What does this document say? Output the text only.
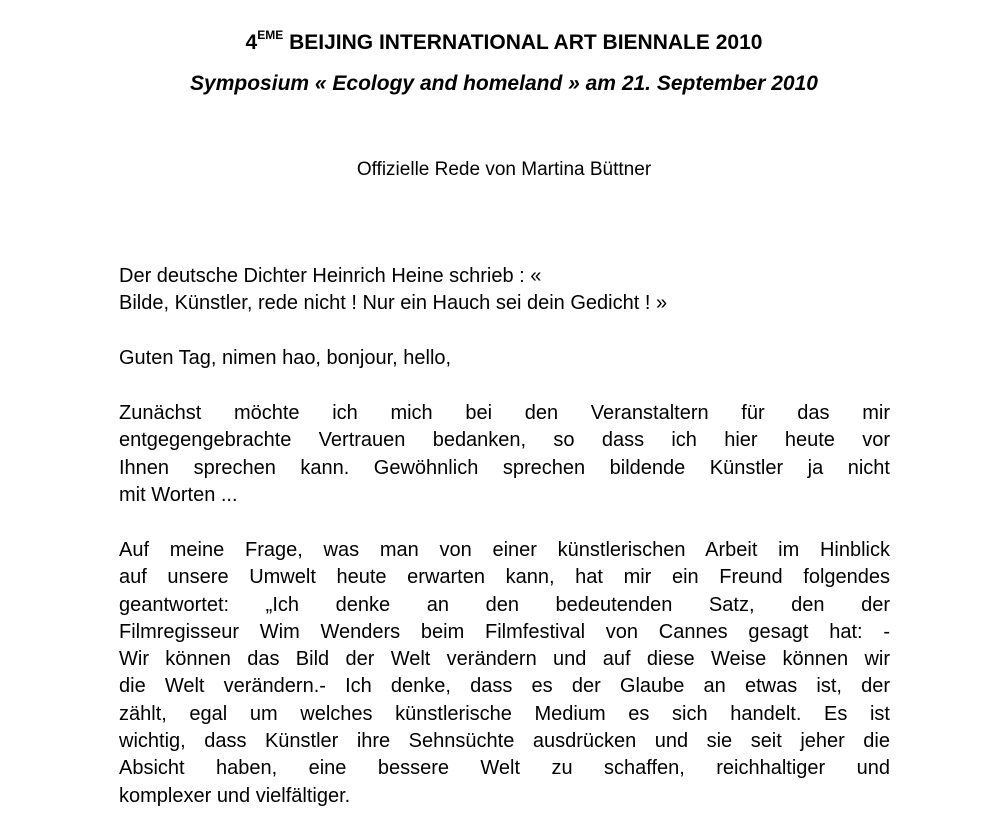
4EME BEIJING INTERNATIONAL ART BIENNALE 2010
Symposium « Ecology and homeland » am 21. September 2010
Offizielle Rede von Martina Büttner
Der deutsche Dichter Heinrich Heine schrieb : «
Bilde, Künstler, rede nicht ! Nur ein Hauch sei dein Gedicht ! »
Guten Tag, nimen hao, bonjour, hello,
Zunächst möchte ich mich bei den Veranstaltern für das mir
entgegengebrachte Vertrauen bedanken, so dass ich hier heute vor
Ihnen sprechen kann. Gewöhnlich sprechen bildende Künstler ja nicht
mit Worten ...
Auf meine Frage, was man von einer künstlerischen Arbeit im Hinblick
auf unsere Umwelt heute erwarten kann, hat mir ein Freund folgendes
geantwortet: „Ich denke an den bedeutenden Satz, den der
Filmregisseur Wim Wenders beim Filmfestival von Cannes gesagt hat: -
Wir können das Bild der Welt verändern und auf diese Weise können wir
die Welt verändern.- Ich denke, dass es der Glaube an etwas ist, der
zählt, egal um welches künstlerische Medium es sich handelt. Es ist
wichtig, dass Künstler ihre Sehnsüchte ausdrücken und sie seit jeher die
Absicht haben, eine bessere Welt zu schaffen, reichhaltiger und
komplexer und vielfältiger.
